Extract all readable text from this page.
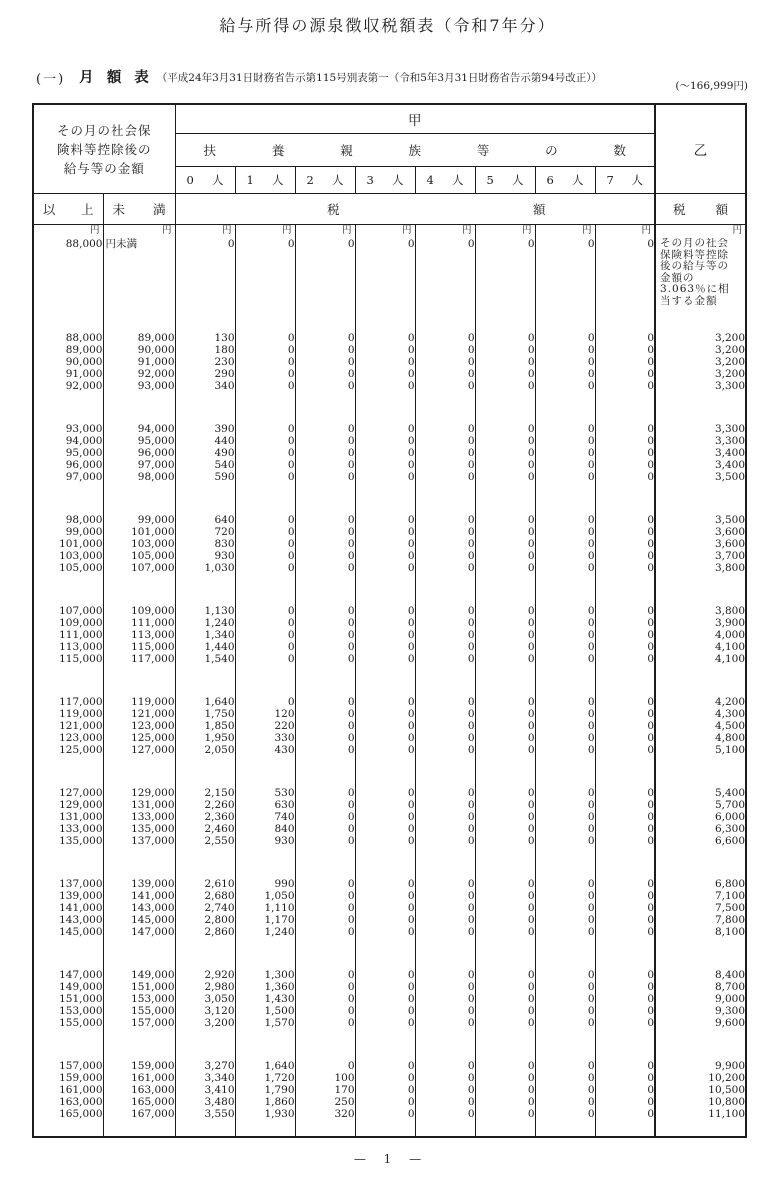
給与所得の源泉徴収税額表（令和7年分）
(一) 月 額 表 （平成24年3月31日財務省告示第115号別表第一（令和5年3月31日財務省告示第94号改正））
(～166,999円)
その月の社会保
険料等控除後の
給与等の金額		甲								乙

扶	養	親	族	等	の	数

		0 人	1 人	2 人	3 人	4 人	5 人	6 人	7 人	

以 上	未 満	税 額								税 額

円	円	円	円	円	円	円	円	円	円	円
88,000	円未満	0	0	0	0	0	0	0	0	その月の社会保険料等控除後の給与等の金額の3.063％に相当する金額

88,000	89,000	130	0	0	0	0	0	0	0	3,200
89,000	90,000	180	0	0	0	0	0	0	0	3,200
90,000	91,000	230	0	0	0	0	0	0	0	3,200
91,000	92,000	290	0	0	0	0	0	0	0	3,200
92,000	93,000	340	0	0	0	0	0	0	0	3,300

93,000	94,000	390	0	0	0	0	0	0	0	3,300
94,000	95,000	440	0	0	0	0	0	0	0	3,300
95,000	96,000	490	0	0	0	0	0	0	0	3,400
96,000	97,000	540	0	0	0	0	0	0	0	3,400
97,000	98,000	590	0	0	0	0	0	0	0	3,500

98,000	99,000	640	0	0	0	0	0	0	0	3,500
99,000	101,000	720	0	0	0	0	0	0	0	3,600
101,000	103,000	830	0	0	0	0	0	0	0	3,600
103,000	105,000	930	0	0	0	0	0	0	0	3,700
105,000	107,000	1,030	0	0	0	0	0	0	0	3,800

107,000	109,000	1,130	0	0	0	0	0	0	0	3,800
109,000	111,000	1,240	0	0	0	0	0	0	0	3,900
111,000	113,000	1,340	0	0	0	0	0	0	0	4,000
113,000	115,000	1,440	0	0	0	0	0	0	0	4,100
115,000	117,000	1,540	0	0	0	0	0	0	0	4,100

117,000	119,000	1,640	0	0	0	0	0	0	0	4,200
119,000	121,000	1,750	120	0	0	0	0	0	0	4,300
121,000	123,000	1,850	220	0	0	0	0	0	0	4,500
123,000	125,000	1,950	330	0	0	0	0	0	0	4,800
125,000	127,000	2,050	430	0	0	0	0	0	0	5,100

127,000	129,000	2,150	530	0	0	0	0	0	0	5,400
129,000	131,000	2,260	630	0	0	0	0	0	0	5,700
131,000	133,000	2,360	740	0	0	0	0	0	0	6,000
133,000	135,000	2,460	840	0	0	0	0	0	0	6,300
135,000	137,000	2,550	930	0	0	0	0	0	0	6,600

137,000	139,000	2,610	990	0	0	0	0	0	0	6,800
139,000	141,000	2,680	1,050	0	0	0	0	0	0	7,100
141,000	143,000	2,740	1,110	0	0	0	0	0	0	7,500
143,000	145,000	2,800	1,170	0	0	0	0	0	0	7,800
145,000	147,000	2,860	1,240	0	0	0	0	0	0	8,100

147,000	149,000	2,920	1,300	0	0	0	0	0	0	8,400
149,000	151,000	2,980	1,360	0	0	0	0	0	0	8,700
151,000	153,000	3,050	1,430	0	0	0	0	0	0	9,000
153,000	155,000	3,120	1,500	0	0	0	0	0	0	9,300
155,000	157,000	3,200	1,570	0	0	0	0	0	0	9,600

157,000	159,000	3,270	1,640	0	0	0	0	0	0	9,900
159,000	161,000	3,340	1,720	100	0	0	0	0	0	10,200
161,000	163,000	3,410	1,790	170	0	0	0	0	0	10,500
163,000	165,000	3,480	1,860	250	0	0	0	0	0	10,800
165,000	167,000	3,550	1,930	320	0	0	0	0	0	11,100

— 1 —
